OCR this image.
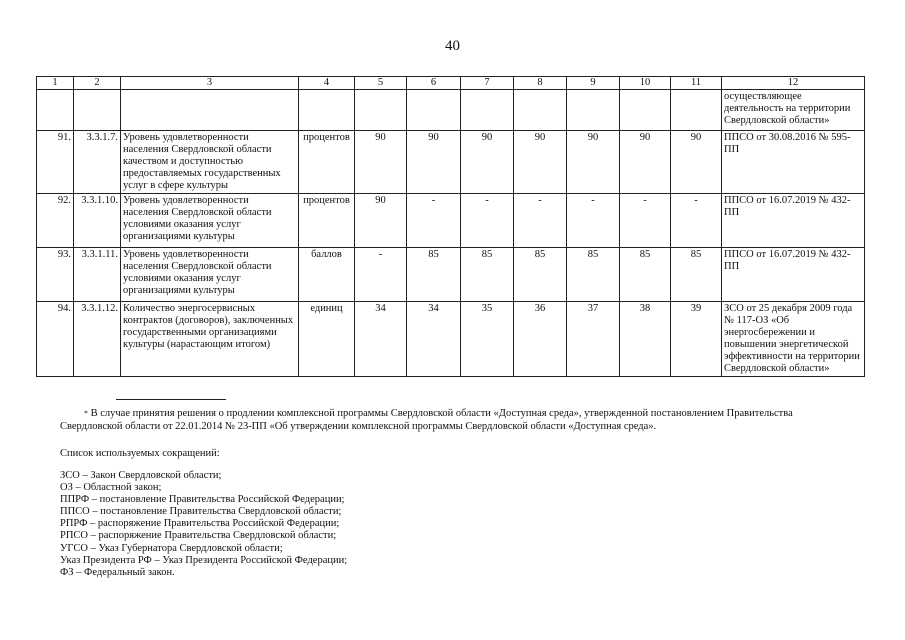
40
1	2	3	4	5	6	7	8	9	10	11	12
											осуществляющее деятельность на территории Свердловской области»
91.	3.3.1.7.	Уровень удовлетворенности населения Свердловской области качеством и доступностью предоставляемых государственных услуг в сфере культуры	процентов	90	90	90	90	90	90	90	ППСО от 30.08.2016 № 595-ПП
92.	3.3.1.10.	Уровень удовлетворенности населения Свердловской области условиями оказания услуг организациями культуры	процентов	90	-	-	-	-	-	-	ППСО от 16.07.2019 № 432-ПП
93.	3.3.1.11.	Уровень удовлетворенности населения Свердловской области условиями оказания услуг организациями культуры	баллов	-	85	85	85	85	85	85	ППСО от 16.07.2019 № 432-ПП
94.	3.3.1.12.	Количество энергосервисных контрактов (договоров), заключенных государственными организациями культуры (нарастающим итогом)	единиц	34	34	35	36	37	38	39	ЗСО от 25 декабря 2009 года № 117-ОЗ «Об энергосбережении и повышении энергетической эффективности на территории Свердловской области»
* В случае принятия решения о продлении комплексной программы Свердловской области «Доступная среда», утвержденной постановлением Правительства Свердловской области от 22.01.2014 № 23-ПП «Об утверждении комплексной программы Свердловской области «Доступная среда».
Список используемых сокращений:
ЗСО – Закон Свердловской области;
ОЗ – Областной закон;
ППРФ – постановление Правительства Российской Федерации;
ППСО – постановление Правительства Свердловской области;
РПРФ – распоряжение Правительства Российской Федерации;
РПСО – распоряжение Правительства Свердловской области;
УГСО – Указ Губернатора Свердловской области;
Указ Президента РФ – Указ Президента Российской Федерации;
ФЗ – Федеральный закон.
